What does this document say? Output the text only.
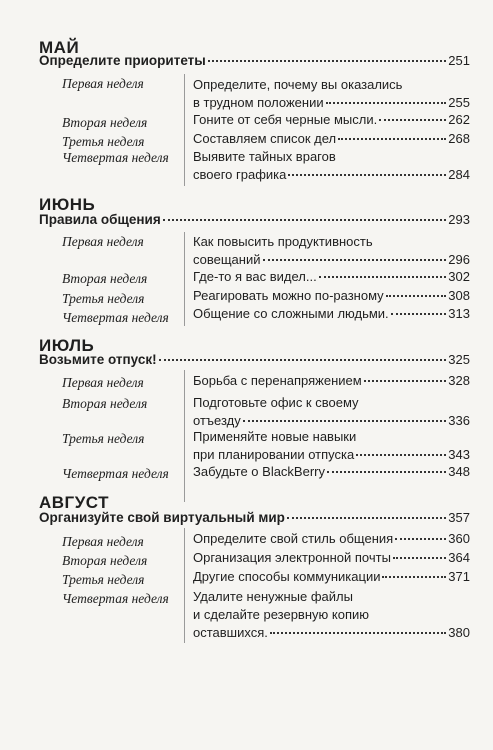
МАЙ
Определите приоритеты	251
Первая неделя	Определите, почему вы оказались
в трудном положении	255
Вторая неделя	Гоните от себя черные мысли.	262
Третья неделя	Составляем список дел	268
Четвертая неделя Выявите тайных врагов
своего графика	284
ИЮНЬ
Правила общения	293
Первая неделя	Как повысить продуктивность
совещаний	296
Вторая неделя	Где-то я вас видел...	302
Третья неделя	Реагировать можно по-разному	308
Четвертая неделя Общение со сложными людьми.	313
ИЮЛЬ
Возьмите отпуск!	325
Первая неделя	Борьба с перенапряжением	328
Вторая неделя	Подготовьте офис к своему
отъезду	336
Третья неделя	Применяйте новые навыки
при планировании отпуска	343
Четвертая неделя Забудьте о BlackBerry	348
АВГУСТ
Организуйте свой виртуальный мир	357
Первая неделя	Определите свой стиль общения	360
Вторая неделя	Организация электронной почты	364
Третья неделя	Другие способы коммуникации	371
Четвертая неделя Удалите ненужные файлы
и сделайте резервную копию
оставшихся.	380
